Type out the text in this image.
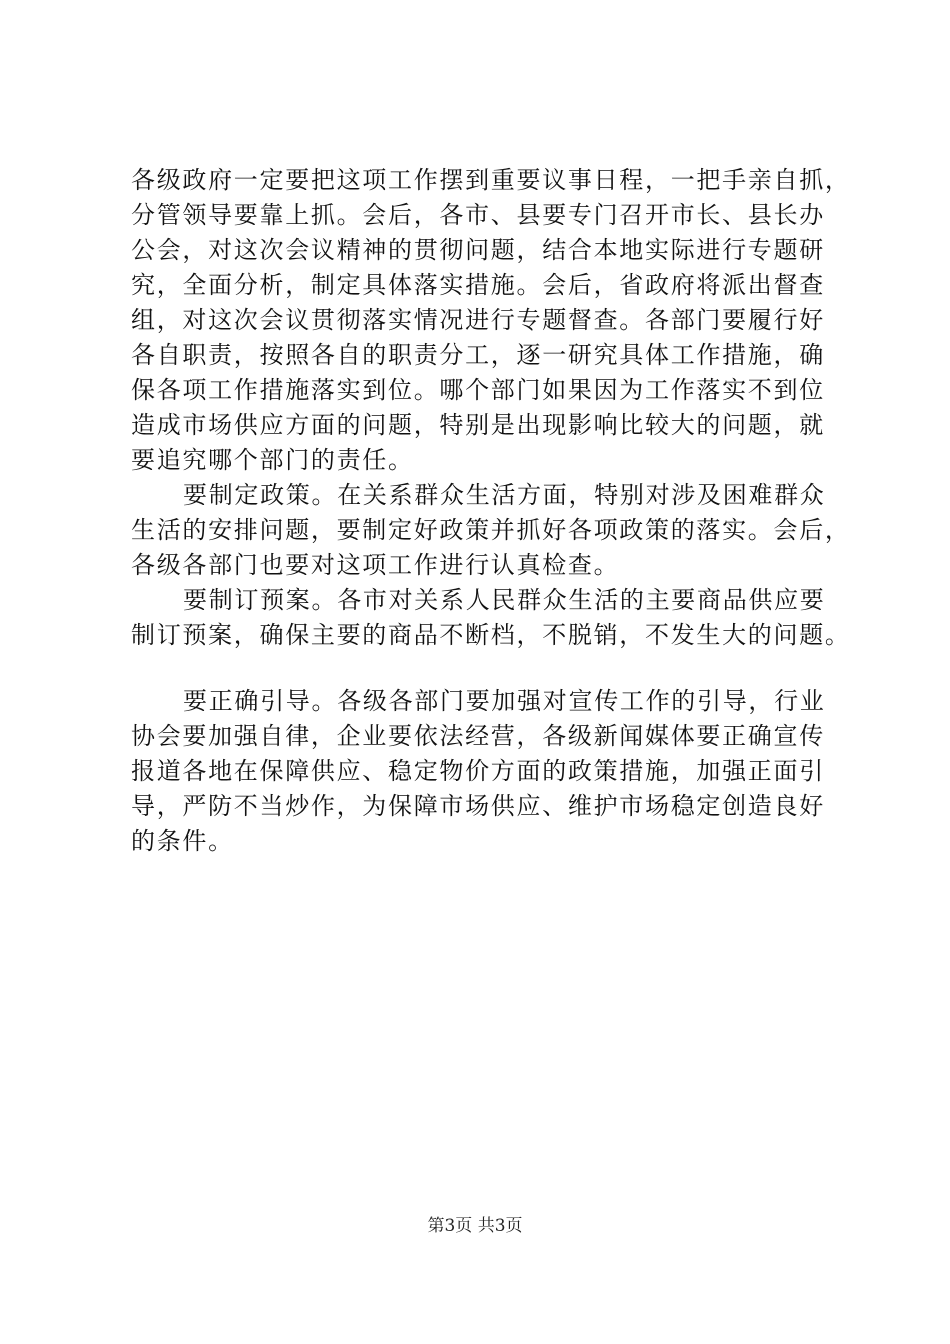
各级政府一定要把这项工作摆到重要议事日程，一把手亲自抓，
分管领导要靠上抓。会后，各市、县要专门召开市长、县长办
公会，对这次会议精神的贯彻问题，结合本地实际进行专题研
究，全面分析，制定具体落实措施。会后，省政府将派出督查
组，对这次会议贯彻落实情况进行专题督查。各部门要履行好
各自职责，按照各自的职责分工，逐一研究具体工作措施，确
保各项工作措施落实到位。哪个部门如果因为工作落实不到位
造成市场供应方面的问题，特别是出现影响比较大的问题，就
要追究哪个部门的责任。
要制定政策。在关系群众生活方面，特别对涉及困难群众
生活的安排问题，要制定好政策并抓好各项政策的落实。会后，
各级各部门也要对这项工作进行认真检查。
要制订预案。各市对关系人民群众生活的主要商品供应要
制订预案，确保主要的商品不断档，不脱销，不发生大的问题。
要正确引导。各级各部门要加强对宣传工作的引导，行业
协会要加强自律，企业要依法经营，各级新闻媒体要正确宣传
报道各地在保障供应、稳定物价方面的政策措施，加强正面引
导，严防不当炒作，为保障市场供应、维护市场稳定创造良好
的条件。
第3页 共3页
